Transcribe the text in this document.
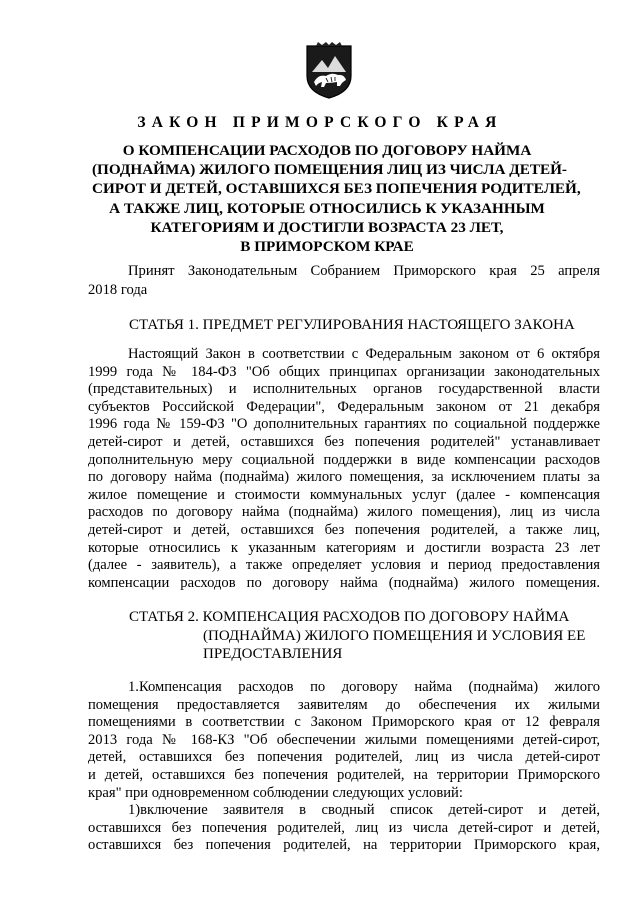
ЗАКОН ПРИМОРСКОГО КРАЯ
О КОМПЕНСАЦИИ РАСХОДОВ ПО ДОГОВОРУ НАЙМА
(ПОДНАЙМА) ЖИЛОГО ПОМЕЩЕНИЯ ЛИЦ ИЗ ЧИСЛА ДЕТЕЙ-
СИРОТ И ДЕТЕЙ, ОСТАВШИХСЯ БЕЗ ПОПЕЧЕНИЯ РОДИТЕЛЕЙ,
А ТАКЖЕ ЛИЦ, КОТОРЫЕ ОТНОСИЛИСЬ К УКАЗАННЫМ
КАТЕГОРИЯМ И ДОСТИГЛИ ВОЗРАСТА 23 ЛЕТ,
В ПРИМОРСКОМ КРАЕ
Принят Законодательным Собранием Приморского края 25 апреля
2018 года
СТАТЬЯ 1. ПРЕДМЕТ РЕГУЛИРОВАНИЯ НАСТОЯЩЕГО ЗАКОНА
Настоящий Закон в соответствии с Федеральным законом от 6 октября
1999 года № 184-ФЗ "Об общих принципах организации законодательных
(представительных) и исполнительных органов государственной власти
субъектов Российской Федерации", Федеральным законом от 21 декабря
1996 года № 159-ФЗ "О дополнительных гарантиях по социальной поддержке
детей-сирот и детей, оставшихся без попечения родителей" устанавливает
дополнительную меру социальной поддержки в виде компенсации расходов
по договору найма (поднайма) жилого помещения, за исключением платы за
жилое помещение и стоимости коммунальных услуг (далее - компенсация
расходов по договору найма (поднайма) жилого помещения), лиц из числа
детей-сирот и детей, оставшихся без попечения родителей, а также лиц,
которые относились к указанным категориям и достигли возраста 23 лет
(далее - заявитель), а также определяет условия и период предоставления
компенсации расходов по договору найма (поднайма) жилого помещения.
СТАТЬЯ 2. КОМПЕНСАЦИЯ РАСХОДОВ ПО ДОГОВОРУ НАЙМА
(ПОДНАЙМА) ЖИЛОГО ПОМЕЩЕНИЯ И УСЛОВИЯ ЕЕ
ПРЕДОСТАВЛЕНИЯ
1.Компенсация расходов по договору найма (поднайма) жилого
помещения предоставляется заявителям до обеспечения их жилыми
помещениями в соответствии с Законом Приморского края от 12 февраля
2013 года № 168-КЗ "Об обеспечении жилыми помещениями детей-сирот,
детей, оставшихся без попечения родителей, лиц из числа детей-сирот
и детей, оставшихся без попечения родителей, на территории Приморского
края" при одновременном соблюдении следующих условий:
1)включение заявителя в сводный список детей-сирот и детей,
оставшихся без попечения родителей, лиц из числа детей-сирот и детей,
оставшихся без попечения родителей, на территории Приморского края,
